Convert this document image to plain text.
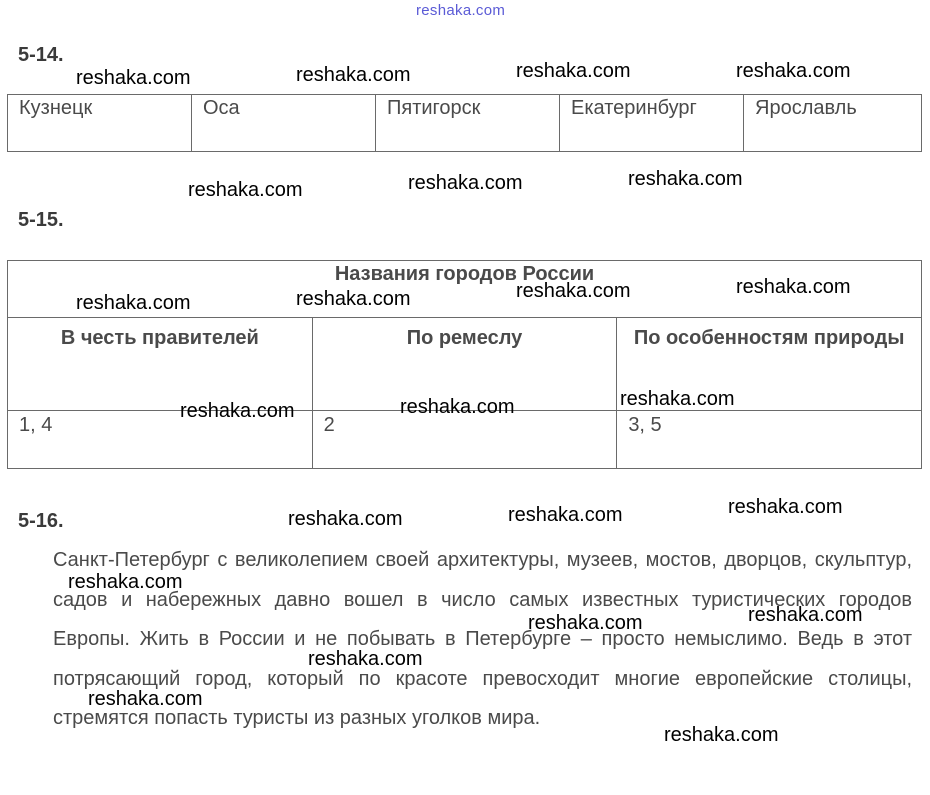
reshaka.com
5-14.
Кузнецк	Оса	Пятигорск	Екатеринбург	Ярославль
5-15.
Названия городов России		
В честь правителей	По ремеслу	По особенностям природы
1, 4	2	3, 5
5-16.
Санкт-Петербург с великолепием своей архитектуры, музеев, мостов, дворцов, скульптур, садов и набережных давно вошел в число самых известных туристических городов Европы. Жить в России и не побывать в Петербурге – просто немыслимо. Ведь в этот потрясающий город, который по красоте превосходит многие европейские столицы, стремятся попасть туристы из разных уголков мира.
reshaka.com	reshaka.com	reshaka.com	reshaka.com
reshaka.com	reshaka.com	reshaka.com
reshaka.com	reshaka.com	reshaka.com	reshaka.com
reshaka.com	reshaka.com	reshaka.com
reshaka.com	reshaka.com	reshaka.com
reshaka.com
reshaka.com	reshaka.com
reshaka.com
reshaka.com
reshaka.com
